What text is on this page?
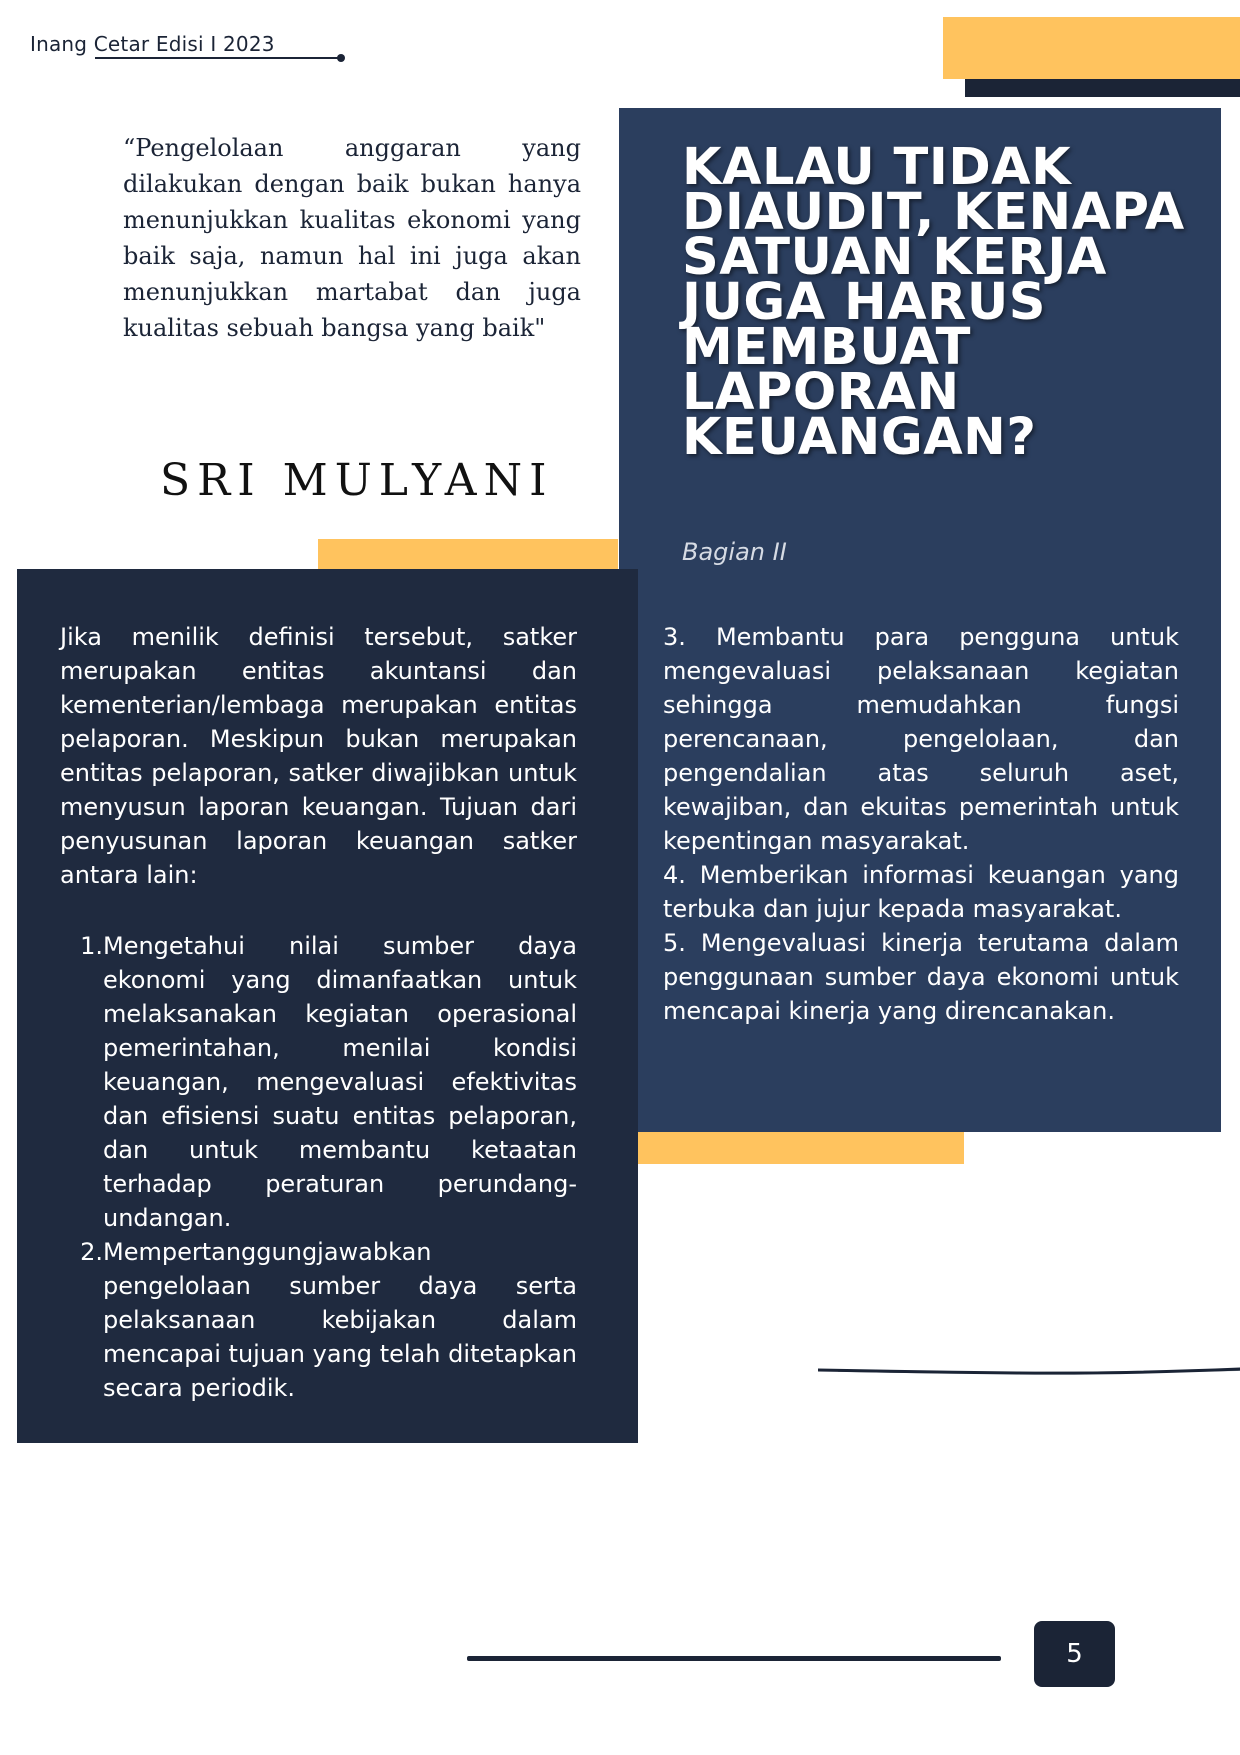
Inang Cetar Edisi I 2023
“Pengelolaan anggaran yang dilakukan dengan baik bukan hanya menunjukkan kualitas ekonomi yang baik saja, namun hal ini juga akan menunjukkan martabat dan juga kualitas sebuah bangsa yang baik"
SRI MULYANI
KALAU TIDAK DIAUDIT, KENAPA SATUAN KERJA JUGA HARUS MEMBUAT LAPORAN KEUANGAN?
Bagian II
Jika menilik definisi tersebut, satker merupakan entitas akuntansi dan kementerian/lembaga merupakan entitas pelaporan. Meskipun bukan merupakan entitas pelaporan, satker diwajibkan untuk menyusun laporan keuangan. Tujuan dari penyusunan laporan keuangan satker antara lain:
1. Mengetahui nilai sumber daya ekonomi yang dimanfaatkan untuk melaksanakan kegiatan operasional pemerintahan, menilai kondisi keuangan, mengevaluasi efektivitas dan efisiensi suatu entitas pelaporan, dan untuk membantu ketaatan terhadap peraturan perundang-undangan.
2. Mempertanggungjawabkan pengelolaan sumber daya serta pelaksanaan kebijakan dalam mencapai tujuan yang telah ditetapkan secara periodik.

3. Membantu para pengguna untuk mengevaluasi pelaksanaan kegiatan sehingga memudahkan fungsi perencanaan, pengelolaan, dan pengendalian atas seluruh aset, kewajiban, dan ekuitas pemerintah untuk kepentingan masyarakat.

4. Memberikan informasi keuangan yang terbuka dan jujur kepada masyarakat.

5. Mengevaluasi kinerja terutama dalam penggunaan sumber daya ekonomi untuk mencapai kinerja yang direncanakan.

5
